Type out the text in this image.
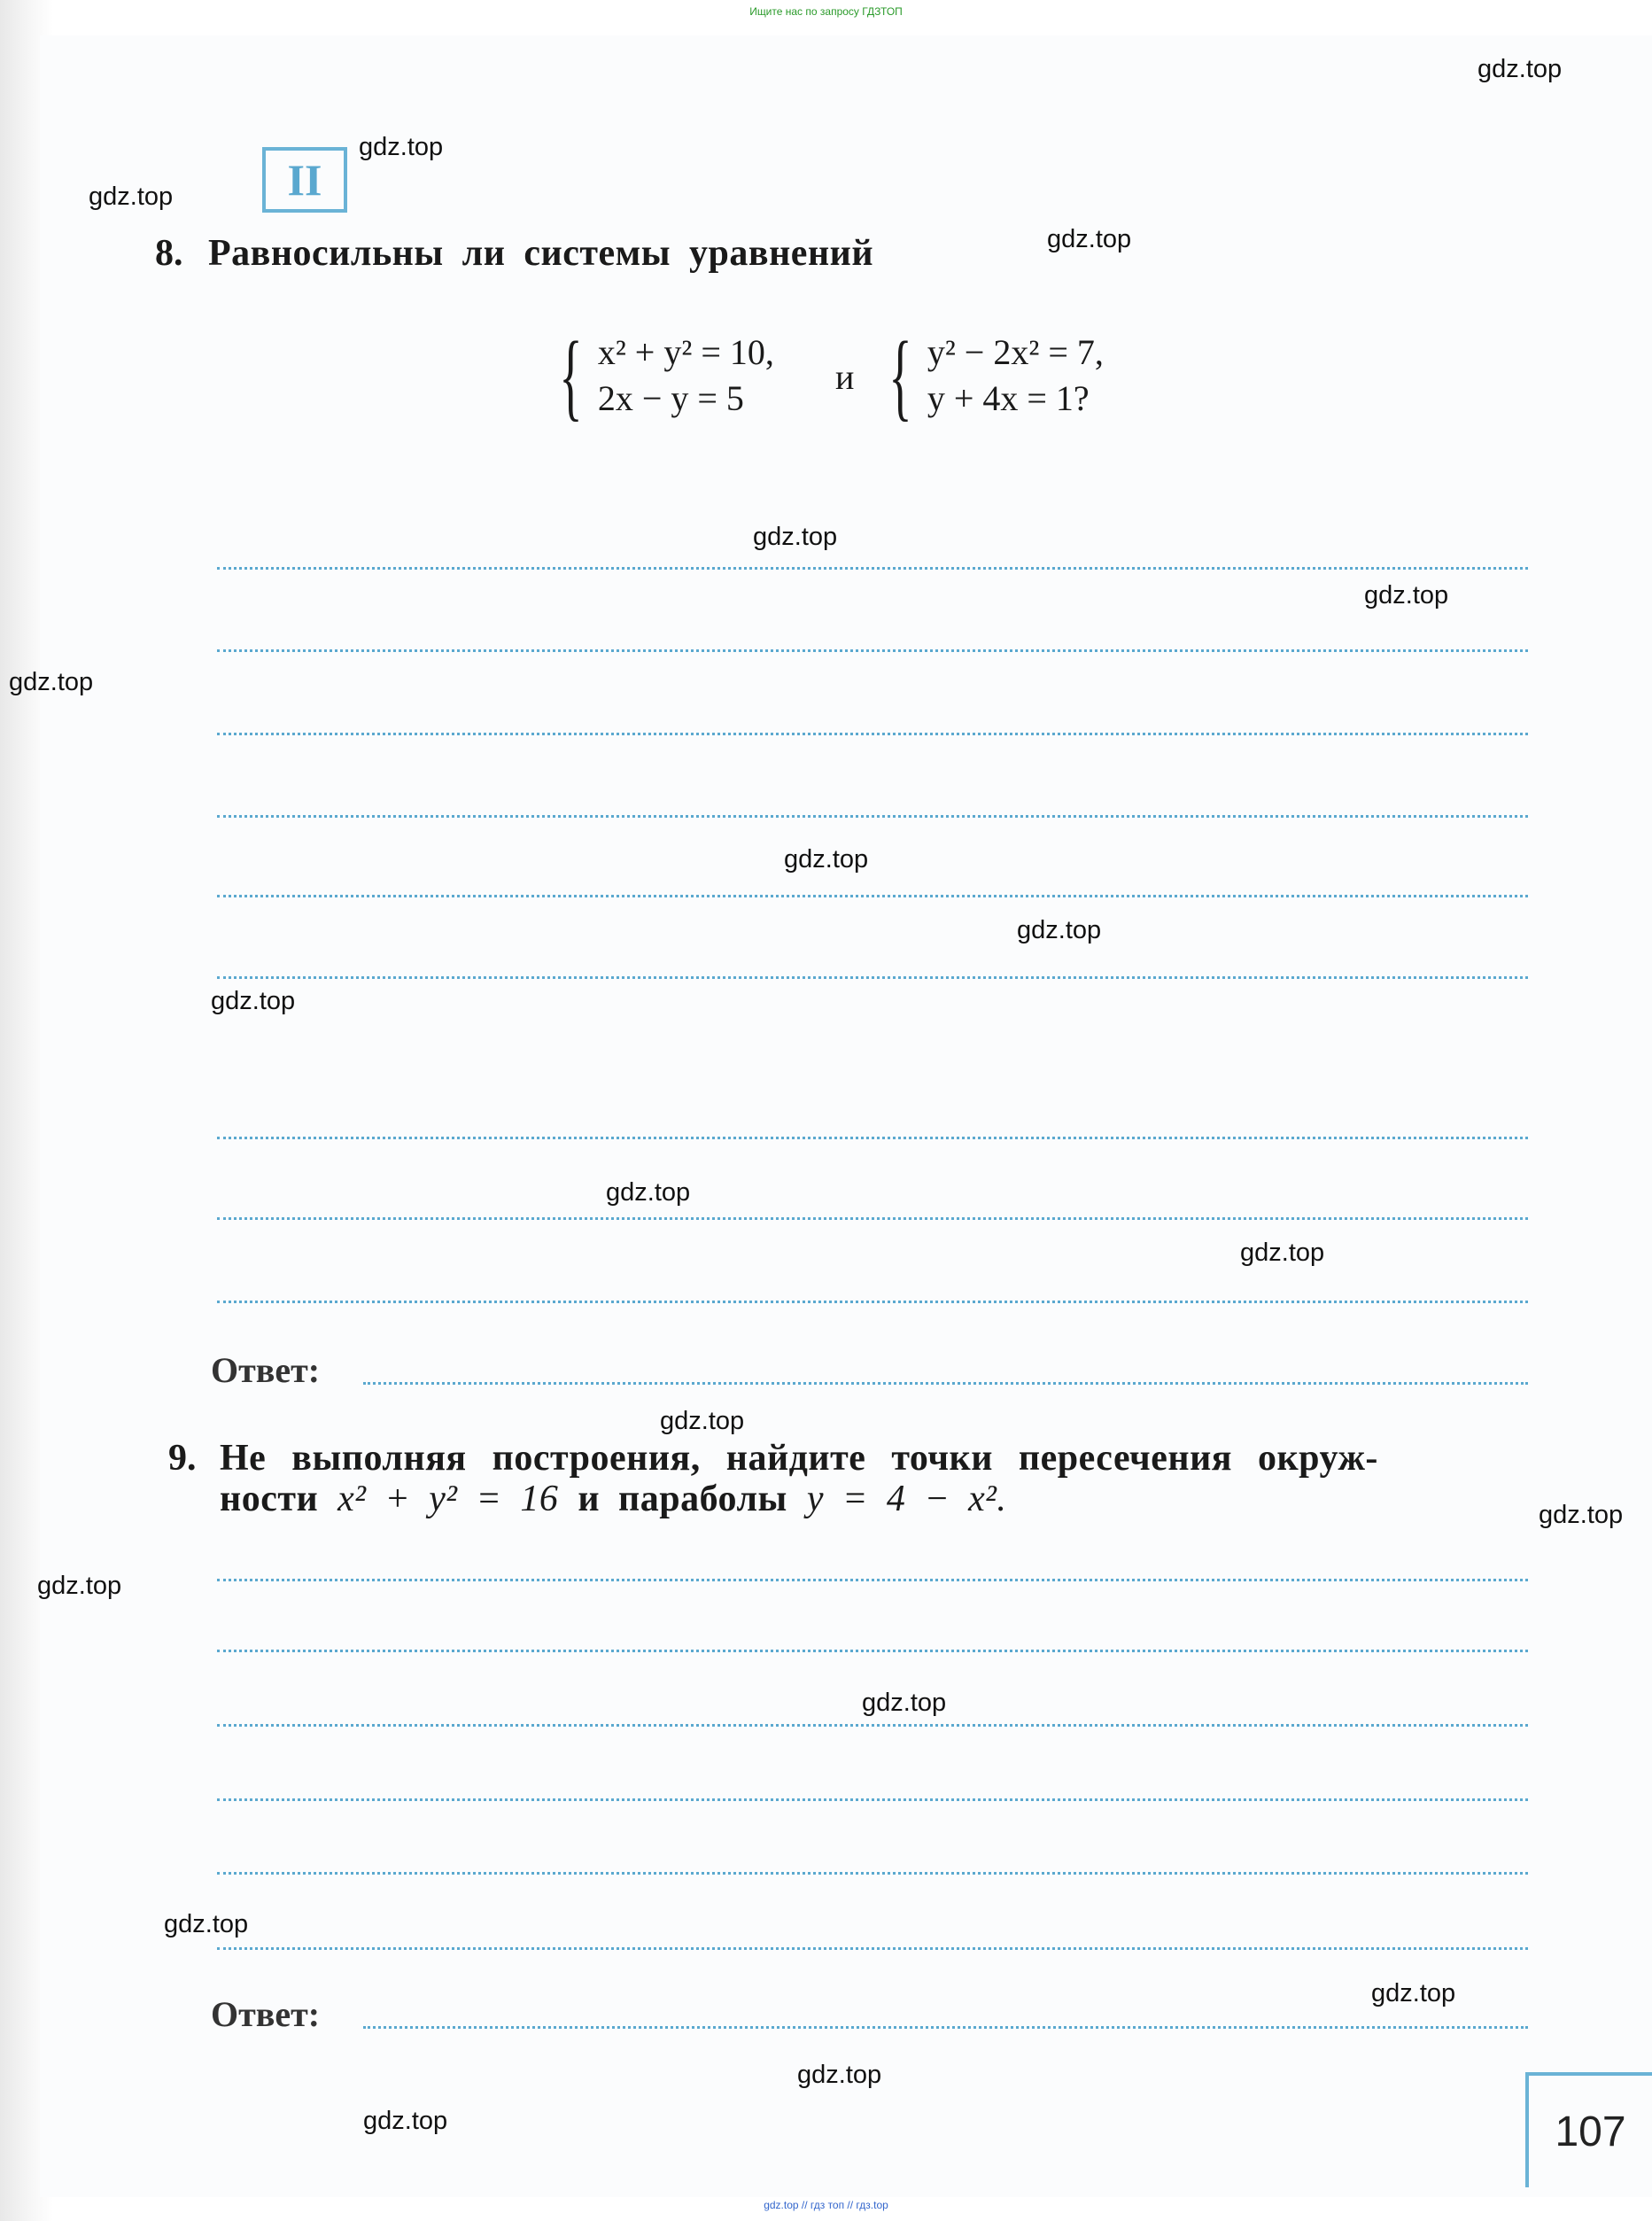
Ищите нас по запросу ГДЗТОП
II
8. Равносильны ли системы уравнений
{ x² + y² = 10,
2x − y = 5
и { y² − 2x² = 7,
y + 4x = 1?
Ответ:
9. Не выполняя построения, найдите точки пересечения окруж-
ности x² + y² = 16 и параболы y = 4 − x².
Ответ:
107
gdz.top
gdz.top
gdz.top
gdz.top
gdz.top
gdz.top
gdz.top
gdz.top
gdz.top
gdz.top
gdz.top
gdz.top
gdz.top
gdz.top
gdz.top
gdz.top
gdz.top
gdz.top
gdz.top
gdz.top
gdz.top // гдз топ // гдз.top
